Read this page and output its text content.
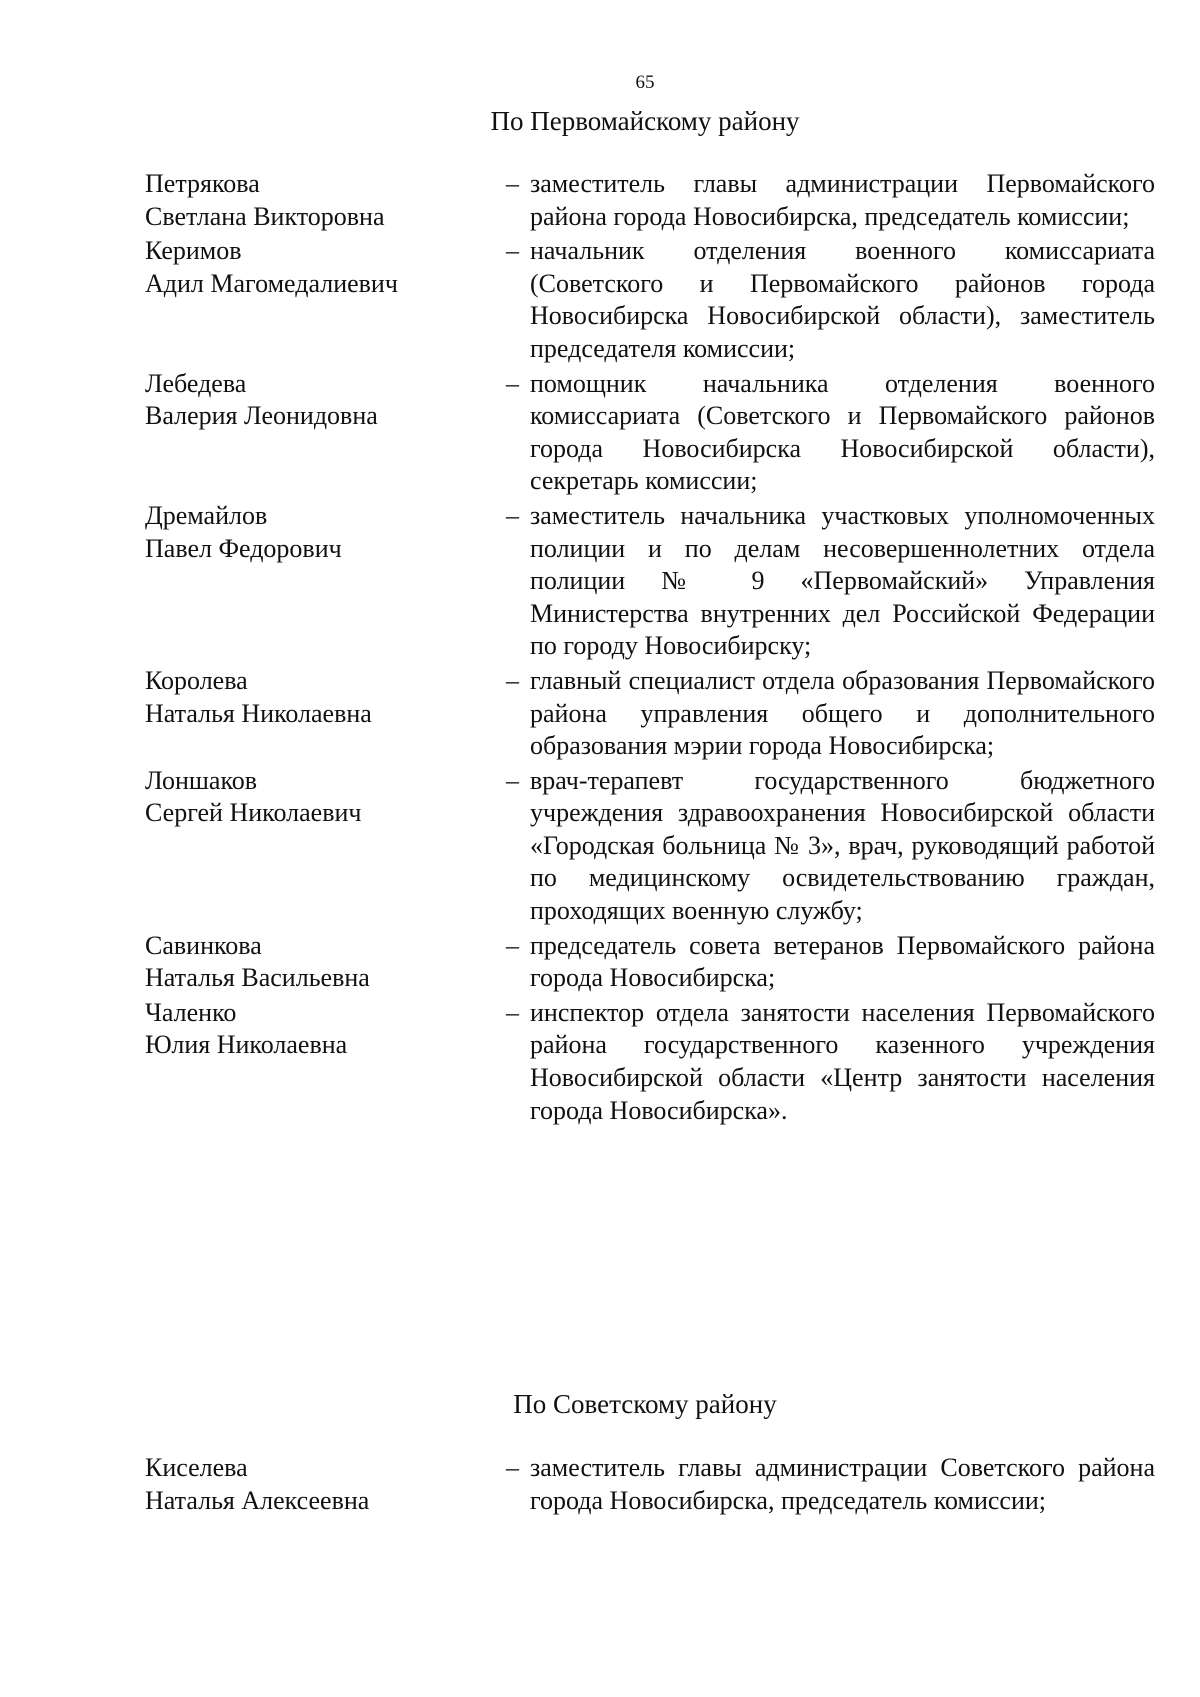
65
По Первомайскому району
Петрякова
Светлана Викторовна
– заместитель главы администрации Первомайского района города Новосибирска, председатель комиссии;
Керимов
Адил Магомедалиевич
– начальник отделения военного комиссариата (Советского и Первомайского районов города Новосибирска Новосибирской области), заместитель председателя комиссии;
Лебедева
Валерия Леонидовна
– помощник начальника отделения военного комиссариата (Советского и Первомайского районов города Новосибирска Новосибирской области), секретарь комиссии;
Дремайлов
Павел Федорович
– заместитель начальника участковых уполномоченных полиции и по делам несовершеннолетних отдела полиции № 9 «Первомайский» Управления Министерства внутренних дел Российской Федерации по городу Новосибирску;
Королева
Наталья Николаевна
– главный специалист отдела образования Первомайского района управления общего и дополнительного образования мэрии города Новосибирска;
Лоншаков
Сергей Николаевич
– врач-терапевт государственного бюджетного учреждения здравоохранения Новосибирской области «Городская больница № 3», врач, руководящий работой по медицинскому освидетельствованию граждан, проходящих военную службу;
Савинкова
Наталья Васильевна
– председатель совета ветеранов Первомайского района города Новосибирска;
Чаленко
Юлия Николаевна
– инспектор отдела занятости населения Первомайского района государственного казенного учреждения Новосибирской области «Центр занятости населения города Новосибирска».
По Советскому району
Киселева
Наталья Алексеевна
– заместитель главы администрации Советского района города Новосибирска, председатель комиссии;
